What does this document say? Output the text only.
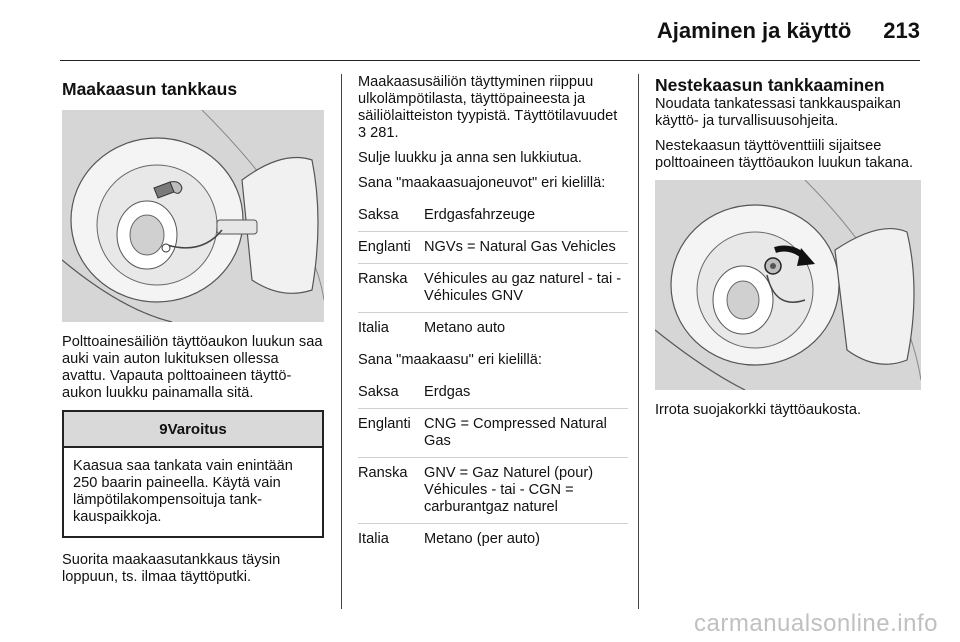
Ajaminen ja käyttö 213
Maakaasun tankkaus

Polttoainesäiliön täyttöaukon luukun saa auki vain auton lukituksen ollessa avattu. Vapauta polttoaineen täyttöaukon luukku painamalla sitä.

9Varoitus
Kaasua saa tankata vain enintään 250 baarin paineella. Käytä vain lämpötilakompensoituja tankkauspaikkoja.

Suorita maakaasutankkaus täysin loppuun, ts. ilmaa täyttöputki.

Maakaasusäiliön täyttyminen riippuu ulkolämpötilasta, täyttöpaineesta ja säiliölaitteiston tyypistä. Täyttötilavuudet 3 281.

Sulje luukku ja anna sen lukkiutua.

Sana "maakaasuajoneuvot" eri kielillä:

Saksa	Erdgasfahrzeuge
Englanti	NGVs = Natural Gas Vehicles
Ranska	Véhicules au gaz naturel - tai - Véhicules GNV
Italia	Metano auto

Sana "maakaasu" eri kielillä:

Saksa	Erdgas
Englanti	CNG = Compressed Natural Gas
Ranska	GNV = Gaz Naturel (pour) Véhicules - tai - CGN = carburantgaz naturel
Italia	Metano (per auto)
Nestekaasun tankkaaminen

Noudata tankatessasi tankkauspaikan käyttö- ja turvallisuusohjeita.

Nestekaasun täyttöventtiili sijaitsee polttoaineen täyttöaukon luukun takana.

Irrota suojakorkki täyttöaukosta.

carmanualsonline.info
